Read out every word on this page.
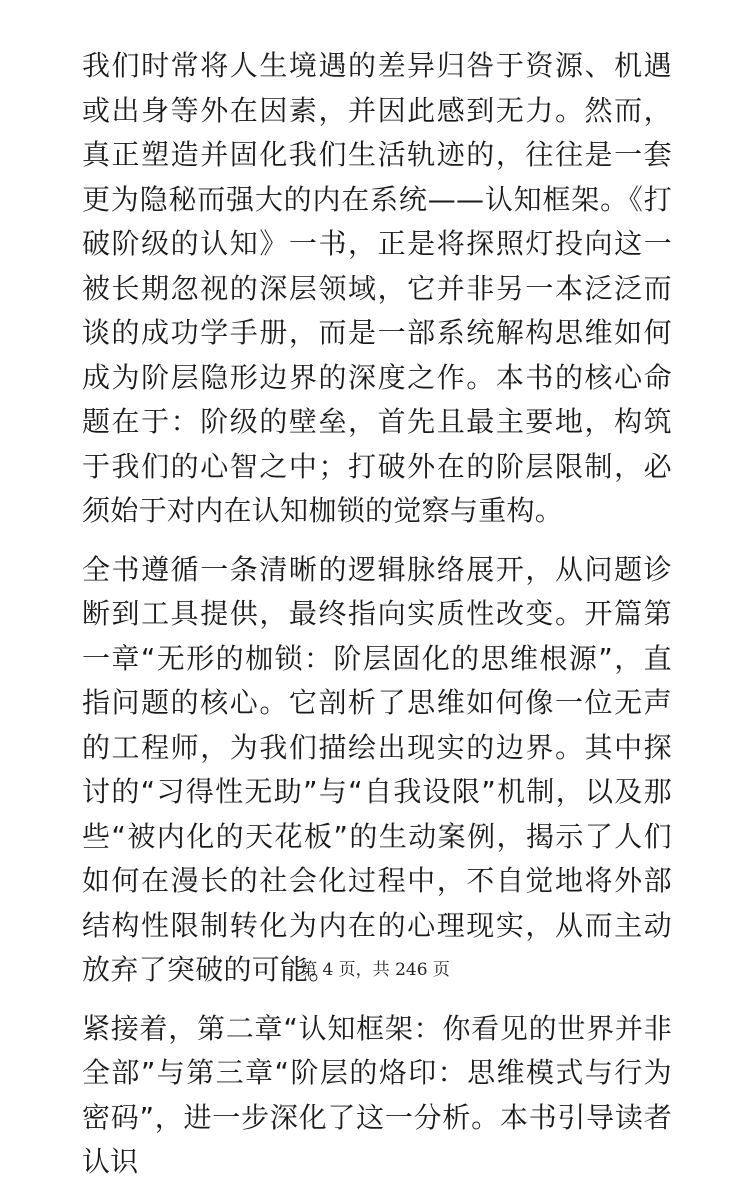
我们时常将人生境遇的差异归咎于资源、机遇或出身等外在因素，并因此感到无力。然而，真正塑造并固化我们生活轨迹的，往往是一套更为隐秘而强大的内在系统——认知框架。《打破阶级的认知》一书，正是将探照灯投向这一被长期忽视的深层领域，它并非另一本泛泛而谈的成功学手册，而是一部系统解构思维如何成为阶层隐形边界的深度之作。本书的核心命题在于：阶级的壁垒，首先且最主要地，构筑于我们的心智之中；打破外在的阶层限制，必须始于对内在认知枷锁的觉察与重构。

全书遵循一条清晰的逻辑脉络展开，从问题诊断到工具提供，最终指向实质性改变。开篇第一章“无形的枷锁：阶层固化的思维根源”，直指问题的核心。它剖析了思维如何像一位无声的工程师，为我们描绘出现实的边界。其中探讨的“习得性无助”与“自我设限”机制，以及那些“被内化的天花板”的生动案例，揭示了人们如何在漫长的社会化过程中，不自觉地将外部结构性限制转化为内在的心理现实，从而主动放弃了突破的可能。

紧接着，第二章“认知框架：你看见的世界并非全部”与第三章“阶层的烙印：思维模式与行为密码”，进一步深化了这一分析。本书引导读者认识

第 4 页，共 246 页
